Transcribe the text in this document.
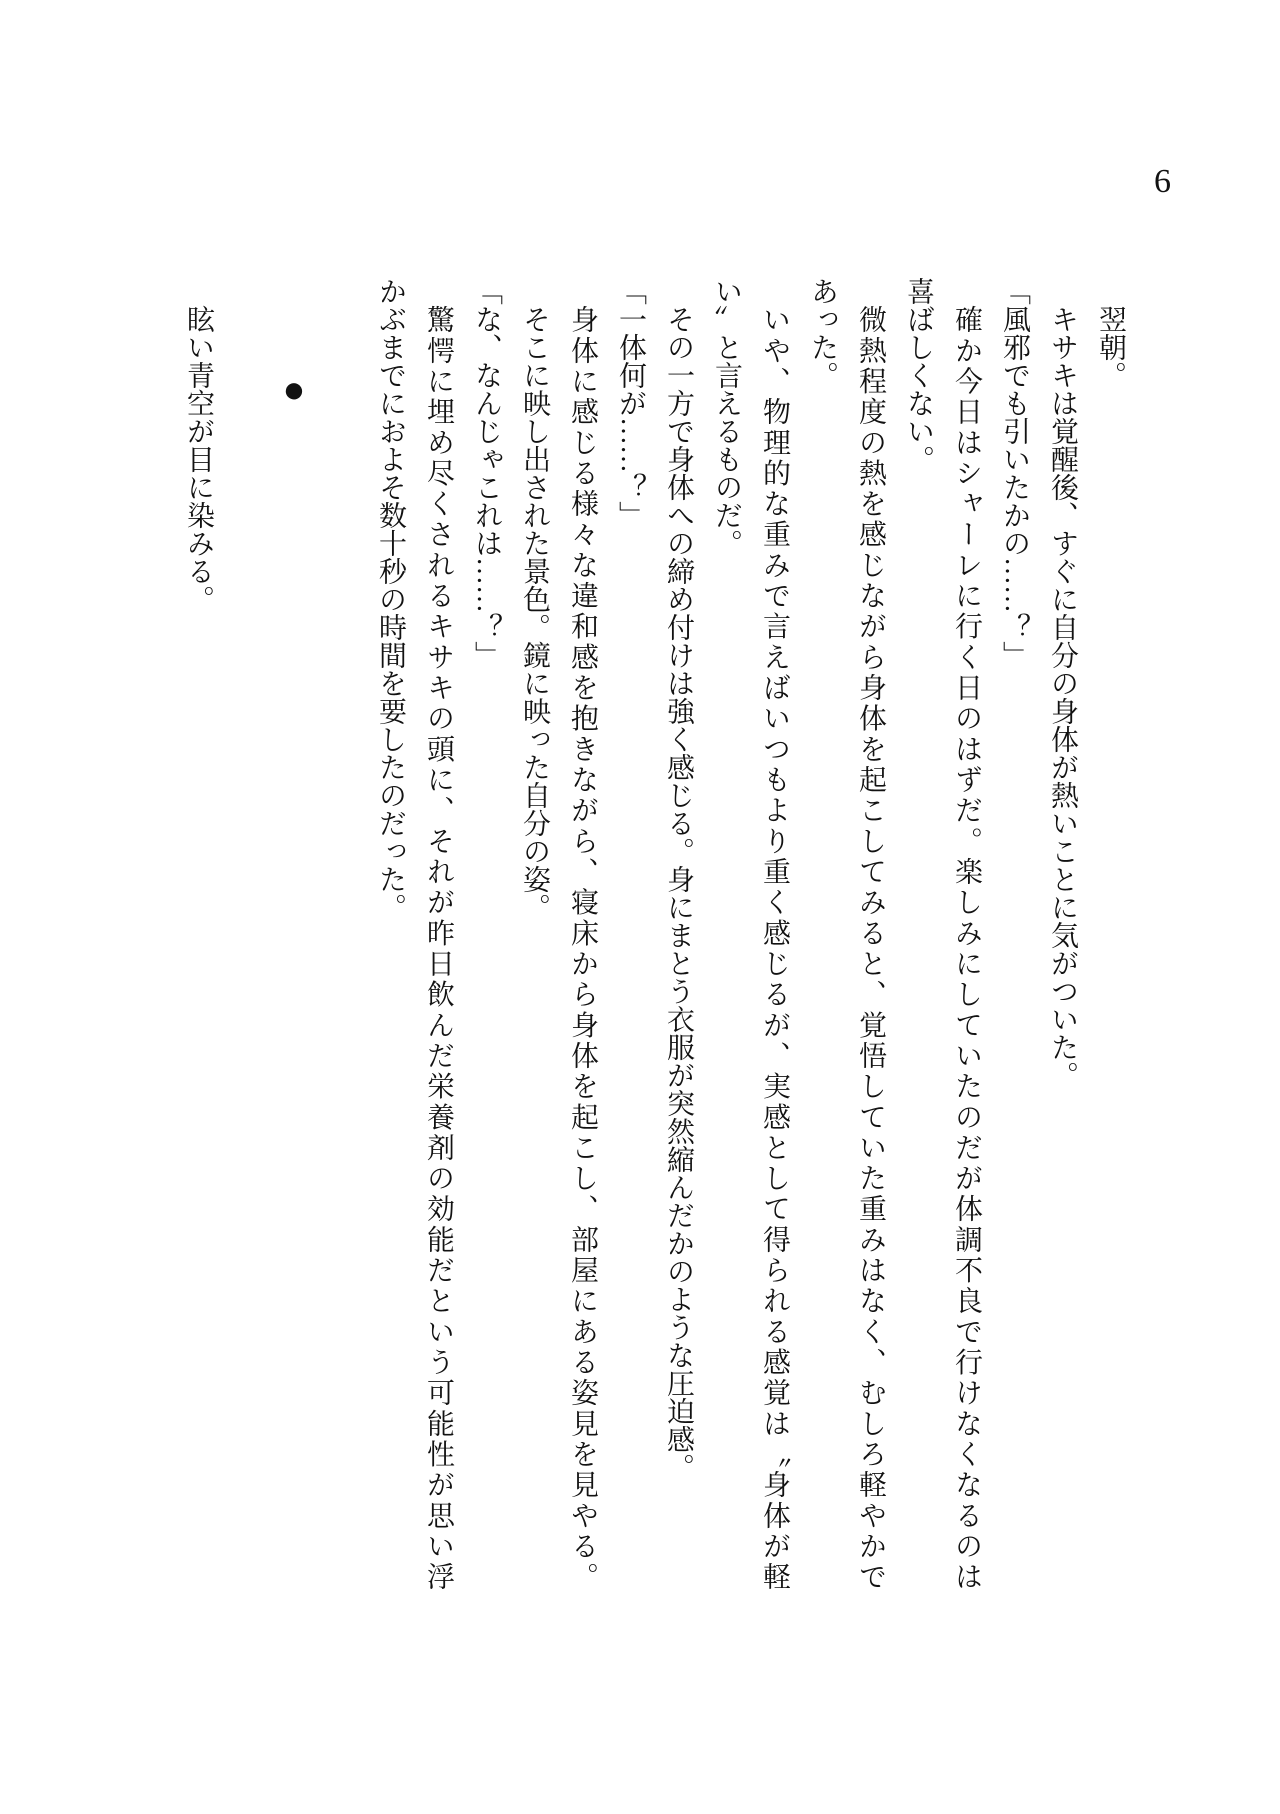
6

翌朝。

キサキは覚醒後、すぐに自分の身体が熱いことに気がついた。

「風邪でも引いたかの……？」

確か今日はシャーレに行く日のはずだ。楽しみにしていたのだが体調不良で行けなくなるのは

喜ばしくない。

微熱程度の熱を感じながら身体を起こしてみると、覚悟していた重みはなく、むしろ軽やかで

あった。

いや、物理的な重みで言えばいつもより重く感じるが、実感として得られる感覚は〝身体が軽

い〟と言えるものだ。

その一方で身体への締め付けは強く感じる。身にまとう衣服が突然縮んだかのような圧迫感。

「一体何が……？」

身体に感じる様々な違和感を抱きながら、寝床から身体を起こし、部屋にある姿見を見やる。

そこに映し出された景色。鏡に映った自分の姿。

「な、なんじゃこれは……？」

驚愕に埋め尽くされるキサキの頭に、それが昨日飲んだ栄養剤の効能だという可能性が思い浮

かぶまでにおよそ数十秒の時間を要したのだった。

●

眩い青空が目に染みる。
